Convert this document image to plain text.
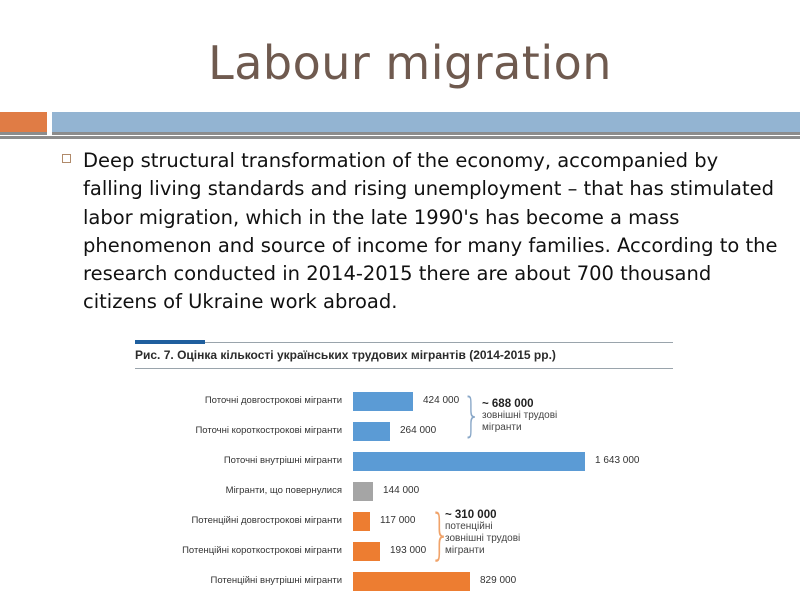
Labour migration
Deep structural transformation of the economy, accompanied by falling living standards and rising unemployment – that has stimulated labor migration, which in the late 1990's has become a mass phenomenon and source of income for many families. According to the research conducted in 2014-2015 there are about 700 thousand citizens of Ukraine work abroad.
Рис. 7. Оцінка кількості українських трудових мігрантів (2014-2015 рр.)
Поточні довгострокові мігранти	424 000
Поточні короткострокові мігранти	264 000
Поточні внутрішні мігранти	1 643 000
Мігранти, що повернулися	144 000
Потенційні довгострокові мігранти	117 000
Потенційні короткострокові мігранти	193 000
Потенційні внутрішні мігранти	829 000
} ~ 688 000
зовнішні трудові
мігранти
}
~ 310 000
потенційні
зовнішні трудові
мігранти
